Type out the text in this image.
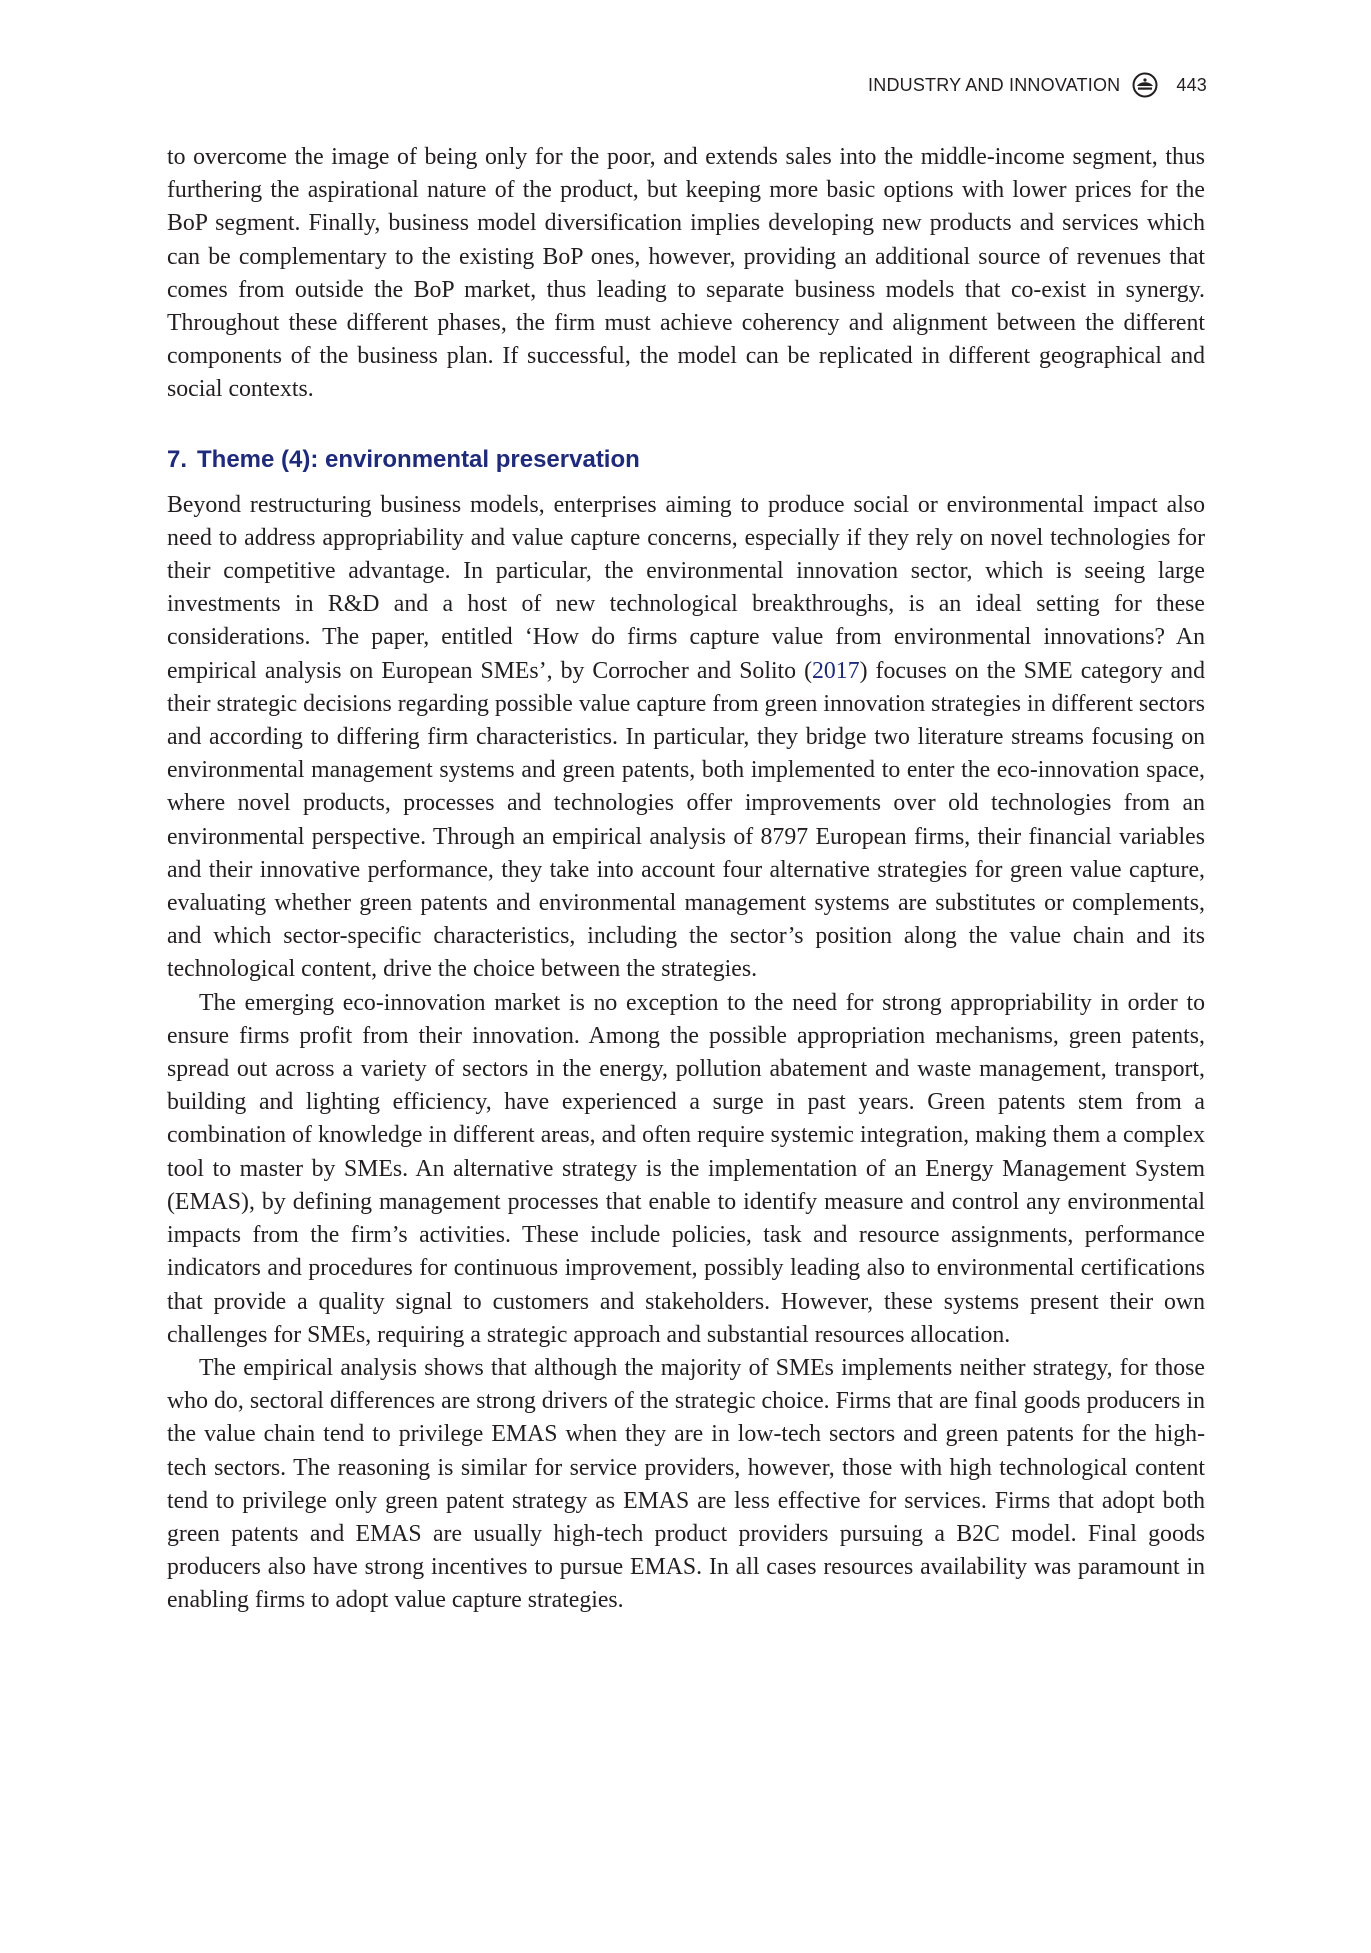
INDUSTRY AND INNOVATION	443

to overcome the image of being only for the poor, and extends sales into the middle-income segment, thus furthering the aspirational nature of the product, but keeping more basic options with lower prices for the BoP segment. Finally, business model diversification implies developing new products and services which can be complementary to the existing BoP ones, however, providing an additional source of revenues that comes from outside the BoP market, thus leading to separate business models that co-exist in synergy. Throughout these different phases, the firm must achieve coherency and alignment between the different components of the business plan. If successful, the model can be replicated in different geographical and social contexts.

7. Theme (4): environmental preservation

Beyond restructuring business models, enterprises aiming to produce social or environmental impact also need to address appropriability and value capture concerns, especially if they rely on novel technologies for their competitive advantage. In particular, the environmental innovation sector, which is seeing large investments in R&D and a host of new technological breakthroughs, is an ideal setting for these considerations. The paper, entitled ‘How do firms capture value from environmental innovations? An empirical analysis on European SMEs’, by Corrocher and Solito (2017) focuses on the SME category and their strategic decisions regarding possible value capture from green innovation strategies in different sectors and according to differing firm characteristics. In particular, they bridge two literature streams focusing on environmental management systems and green patents, both implemented to enter the eco-innovation space, where novel products, processes and technologies offer improvements over old technologies from an environmental perspective. Through an empirical analysis of 8797 European firms, their financial variables and their innovative performance, they take into account four alternative strategies for green value capture, evaluating whether green patents and environmental management systems are substitutes or complements, and which sector-specific characteristics, including the sector’s position along the value chain and its technological content, drive the choice between the strategies.

The emerging eco-innovation market is no exception to the need for strong appropriability in order to ensure firms profit from their innovation. Among the possible appropriation mechanisms, green patents, spread out across a variety of sectors in the energy, pollution abatement and waste management, transport, building and lighting efficiency, have experienced a surge in past years. Green patents stem from a combination of knowledge in different areas, and often require systemic integration, making them a complex tool to master by SMEs. An alternative strategy is the implementation of an Energy Management System (EMAS), by defining management processes that enable to identify measure and control any environmental impacts from the firm’s activities. These include policies, task and resource assignments, performance indicators and procedures for continuous improvement, possibly leading also to environmental certifications that provide a quality signal to customers and stakeholders. However, these systems present their own challenges for SMEs, requiring a strategic approach and substantial resources allocation.

The empirical analysis shows that although the majority of SMEs implements neither strategy, for those who do, sectoral differences are strong drivers of the strategic choice. Firms that are final goods producers in the value chain tend to privilege EMAS when they are in low-tech sectors and green patents for the high-tech sectors. The reasoning is similar for service providers, however, those with high technological content tend to privilege only green patent strategy as EMAS are less effective for services. Firms that adopt both green patents and EMAS are usually high-tech product providers pursuing a B2C model. Final goods producers also have strong incentives to pursue EMAS. In all cases resources availability was paramount in enabling firms to adopt value capture strategies.
